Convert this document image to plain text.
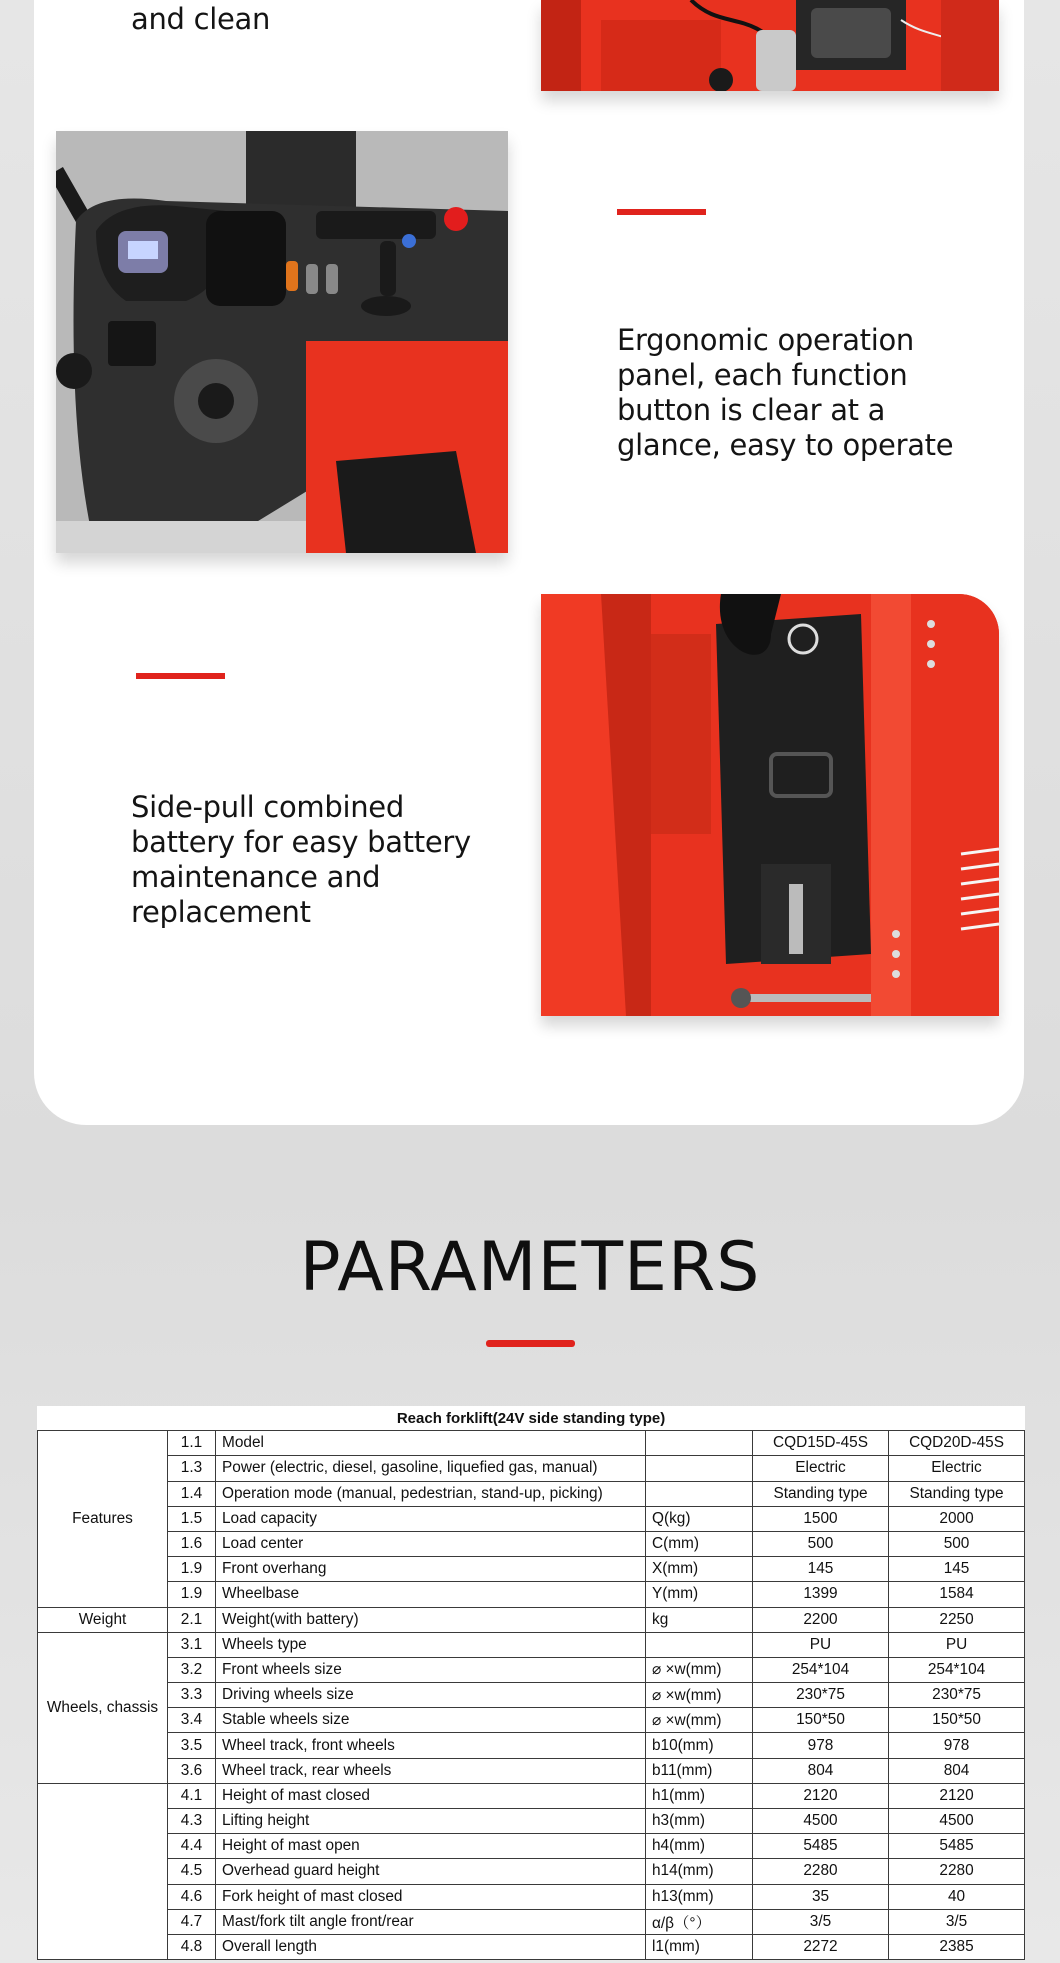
and clean
Ergonomic operation panel, each function button is clear at a glance, easy to operate
Side-pull combined battery for easy battery maintenance and replacement
PARAMETERS
Reach forklift(24V side standing type)					
Features	1.1	Model		CQD15D-45S	CQD20D-45S
	1.3	Power (electric, diesel, gasoline, liquefied gas, manual)		Electric	Electric
	1.4	Operation mode (manual, pedestrian, stand-up, picking)		Standing type	Standing type
	1.5	Load capacity	Q(kg)	1500	2000
	1.6	Load center	C(mm)	500	500
	1.9	Front overhang	X(mm)	145	145
	1.9	Wheelbase	Y(mm)	1399	1584
Weight	2.1	Weight(with battery)	kg	2200	2250
Wheels, chassis	3.1	Wheels type		PU	PU
	3.2	Front wheels size	⌀ ×w(mm)	254*104	254*104
	3.3	Driving wheels size	⌀ ×w(mm)	230*75	230*75
	3.4	Stable wheels size	⌀ ×w(mm)	150*50	150*50
	3.5	Wheel track, front wheels	b10(mm)	978	978
	3.6	Wheel track, rear wheels	b11(mm)	804	804
	4.1	Height of mast closed	h1(mm)	2120	2120
	4.3	Lifting height	h3(mm)	4500	4500
	4.4	Height of mast open	h4(mm)	5485	5485
	4.5	Overhead guard height	h14(mm)	2280	2280
	4.6	Fork height of mast closed	h13(mm)	35	40
	4.7	Mast/fork tilt angle front/rear	α/β（°）	3/5	3/5
	4.8	Overall length	l1(mm)	2272	2385
